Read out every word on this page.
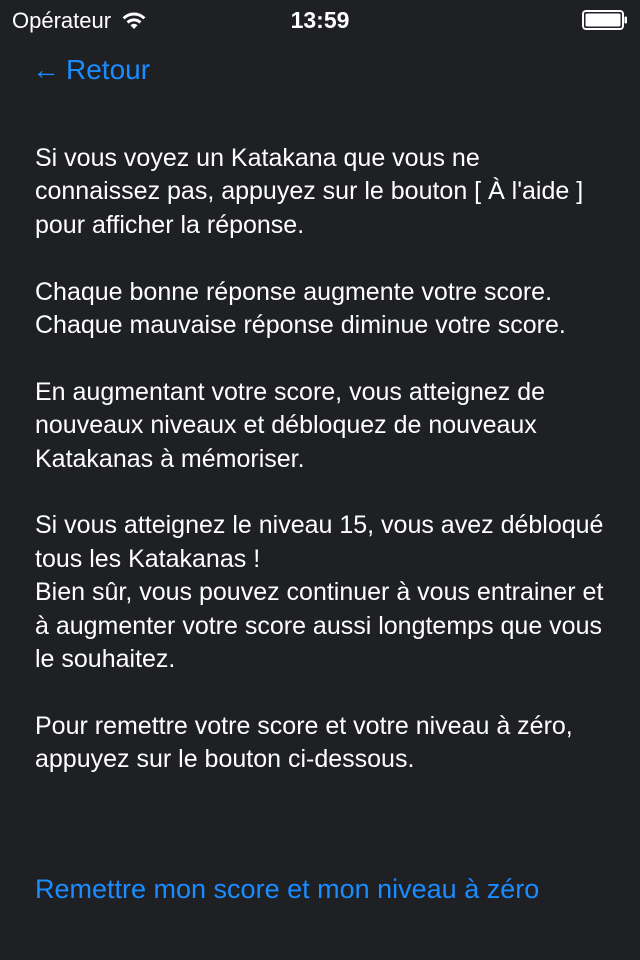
Opérateur	13:59
← Retour

Si vous voyez un Katakana que vous ne connaissez pas, appuyez sur le bouton [ À l'aide ] pour afficher la réponse.

Chaque bonne réponse augmente votre score.
Chaque mauvaise réponse diminue votre score.

En augmentant votre score, vous atteignez de nouveaux niveaux et débloquez de nouveaux Katakanas à mémoriser.

Si vous atteignez le niveau 15, vous avez débloqué tous les Katakanas !
Bien sûr, vous pouvez continuer à vous entrainer et à augmenter votre score aussi longtemps que vous le souhaitez.

Pour remettre votre score et votre niveau à zéro, appuyez sur le bouton ci-dessous.

Remettre mon score et mon niveau à zéro
